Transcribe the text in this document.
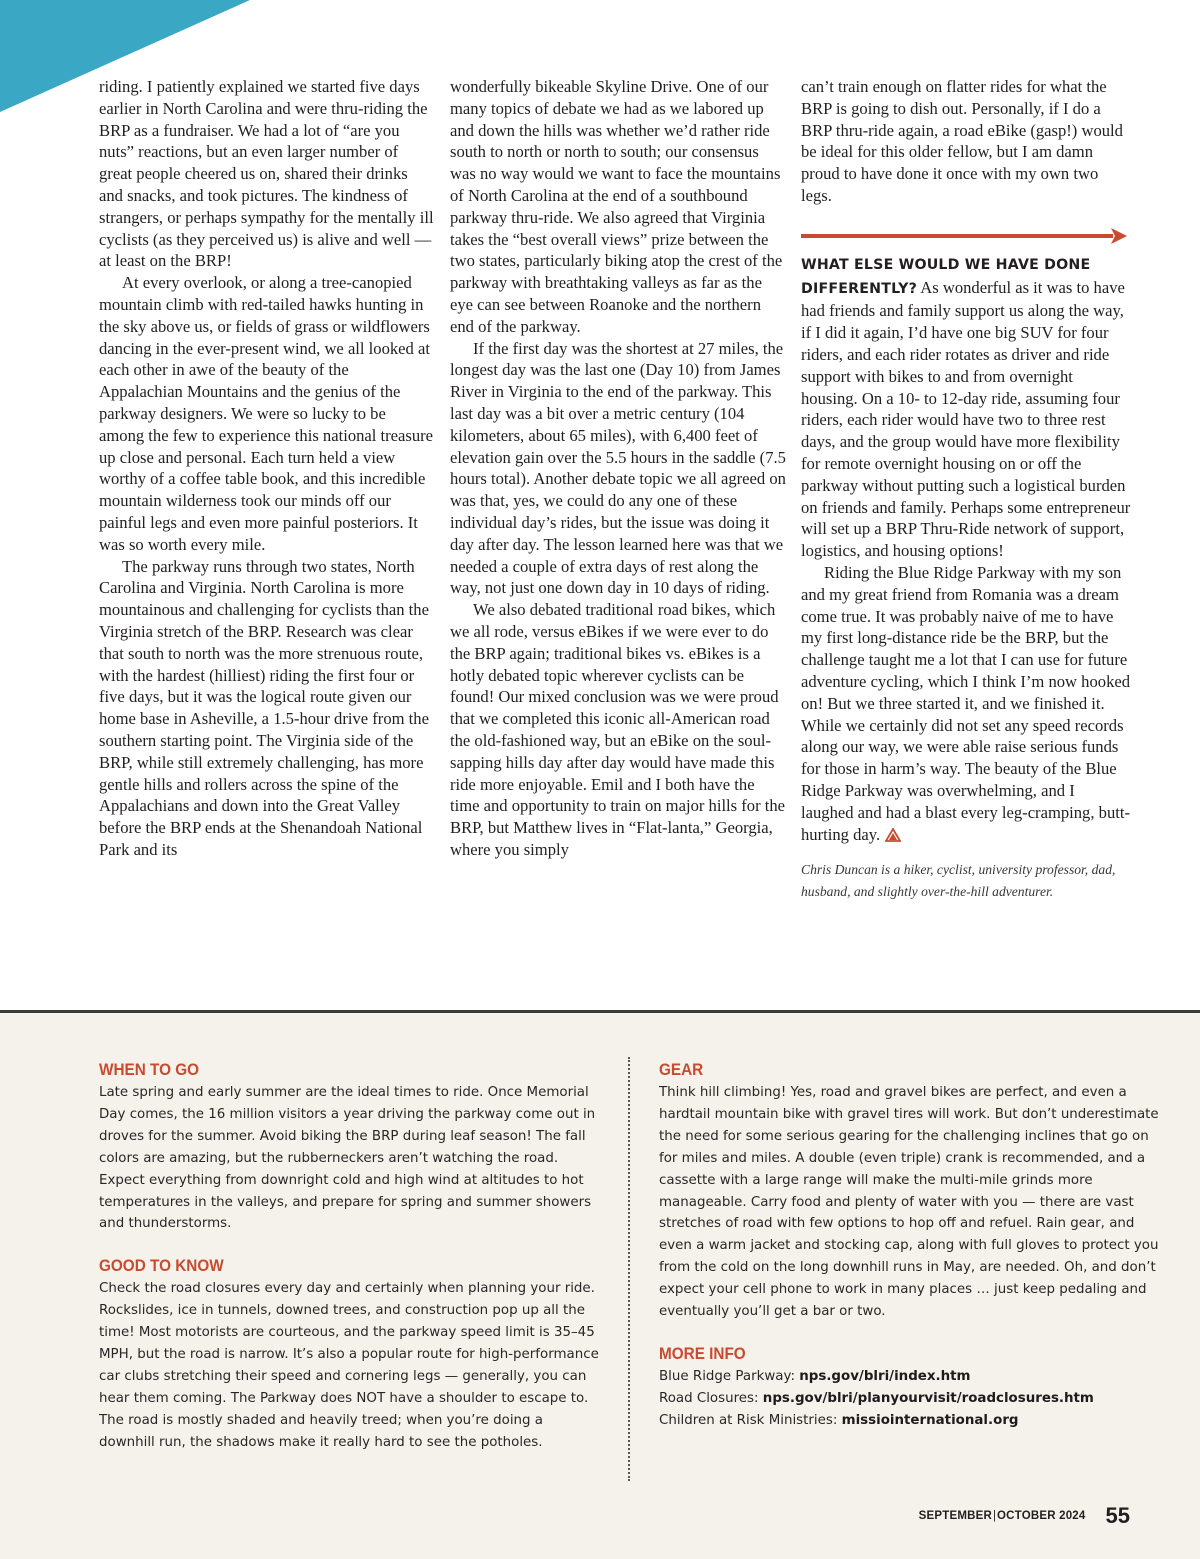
riding. I patiently explained we started five days earlier in North Carolina and were thru-riding the BRP as a fundraiser. We had a lot of “are you nuts” reactions, but an even larger number of great people cheered us on, shared their drinks and snacks, and took pictures. The kindness of strangers, or perhaps sympathy for the mentally ill cyclists (as they perceived us) is alive and well — at least on the BRP!

At every overlook, or along a tree-canopied mountain climb with red-tailed hawks hunting in the sky above us, or fields of grass or wildflowers dancing in the ever-present wind, we all looked at each other in awe of the beauty of the Appalachian Mountains and the genius of the parkway designers. We were so lucky to be among the few to experience this national treasure up close and personal. Each turn held a view worthy of a coffee table book, and this incredible mountain wilderness took our minds off our painful legs and even more painful posteriors. It was so worth every mile.

The parkway runs through two states, North Carolina and Virginia. North Carolina is more mountainous and challenging for cyclists than the Virginia stretch of the BRP. Research was clear that south to north was the more strenuous route, with the hardest (hilliest) riding the first four or five days, but it was the logical route given our home base in Asheville, a 1.5-hour drive from the southern starting point. The Virginia side of the BRP, while still extremely challenging, has more gentle hills and rollers across the spine of the Appalachians and down into the Great Valley before the BRP ends at the Shenandoah National Park and its

wonderfully bikeable Skyline Drive. One of our many topics of debate we had as we labored up and down the hills was whether we’d rather ride south to north or north to south; our consensus was no way would we want to face the mountains of North Carolina at the end of a southbound parkway thru-ride. We also agreed that Virginia takes the “best overall views” prize between the two states, particularly biking atop the crest of the parkway with breathtaking valleys as far as the eye can see between Roanoke and the northern end of the parkway.

If the first day was the shortest at 27 miles, the longest day was the last one (Day 10) from James River in Virginia to the end of the parkway. This last day was a bit over a metric century (104 kilometers, about 65 miles), with 6,400 feet of elevation gain over the 5.5 hours in the saddle (7.5 hours total). Another debate topic we all agreed on was that, yes, we could do any one of these individual day’s rides, but the issue was doing it day after day. The lesson learned here was that we needed a couple of extra days of rest along the way, not just one down day in 10 days of riding.

We also debated traditional road bikes, which we all rode, versus eBikes if we were ever to do the BRP again; traditional bikes vs. eBikes is a hotly debated topic wherever cyclists can be found! Our mixed conclusion was we were proud that we completed this iconic all-American road the old-fashioned way, but an eBike on the soul-sapping hills day after day would have made this ride more enjoyable. Emil and I both have the time and opportunity to train on major hills for the BRP, but Matthew lives in “Flat-lanta,” Georgia, where you simply

can’t train enough on flatter rides for what the BRP is going to dish out. Personally, if I do a BRP thru-ride again, a road eBike (gasp!) would be ideal for this older fellow, but I am damn proud to have done it once with my own two legs.

WHAT ELSE WOULD WE HAVE DONE DIFFERENTLY? As wonderful as it was to have had friends and family support us along the way, if I did it again, I’d have one big SUV for four riders, and each rider rotates as driver and ride support with bikes to and from overnight housing. On a 10- to 12-day ride, assuming four riders, each rider would have two to three rest days, and the group would have more flexibility for remote overnight housing on or off the parkway without putting such a logistical burden on friends and family. Perhaps some entrepreneur will set up a BRP Thru-Ride network of support, logistics, and housing options!

Riding the Blue Ridge Parkway with my son and my great friend from Romania was a dream come true. It was probably naive of me to have my first long-distance ride be the BRP, but the challenge taught me a lot that I can use for future adventure cycling, which I think I’m now hooked on! But we three started it, and we finished it. While we certainly did not set any speed records along our way, we were able raise serious funds for those in harm’s way. The beauty of the Blue Ridge Parkway was overwhelming, and I laughed and had a blast every leg-cramping, butt-hurting day.

Chris Duncan is a hiker, cyclist, university professor, dad, husband, and slightly over-the-hill adventurer.

WHEN TO GO

Late spring and early summer are the ideal times to ride. Once Memorial Day comes, the 16 million visitors a year driving the parkway come out in droves for the summer. Avoid biking the BRP during leaf season! The fall colors are amazing, but the rubberneckers aren’t watching the road. Expect everything from downright cold and high wind at altitudes to hot temperatures in the valleys, and prepare for spring and summer showers and thunderstorms.

GOOD TO KNOW

Check the road closures every day and certainly when planning your ride. Rockslides, ice in tunnels, downed trees, and construction pop up all the time! Most motorists are courteous, and the parkway speed limit is 35–45 MPH, but the road is narrow. It’s also a popular route for high-performance car clubs stretching their speed and cornering legs — generally, you can hear them coming. The Parkway does NOT have a shoulder to escape to. The road is mostly shaded and heavily treed; when you’re doing a downhill run, the shadows make it really hard to see the potholes.

GEAR

Think hill climbing! Yes, road and gravel bikes are perfect, and even a hardtail mountain bike with gravel tires will work. But don’t underestimate the need for some serious gearing for the challenging inclines that go on for miles and miles. A double (even triple) crank is recommended, and a cassette with a large range will make the multi-mile grinds more manageable. Carry food and plenty of water with you — there are vast stretches of road with few options to hop off and refuel. Rain gear, and even a warm jacket and stocking cap, along with full gloves to protect you from the cold on the long downhill runs in May, are needed. Oh, and don’t expect your cell phone to work in many places … just keep pedaling and eventually you’ll get a bar or two.

MORE INFO
Blue Ridge Parkway: nps.gov/blri/index.htm
Road Closures: nps.gov/blri/planyourvisit/roadclosures.htm
Children at Risk Ministries: missiointernational.org
$^{SEPTEMBER|OCTOBER 2024}$ 55
